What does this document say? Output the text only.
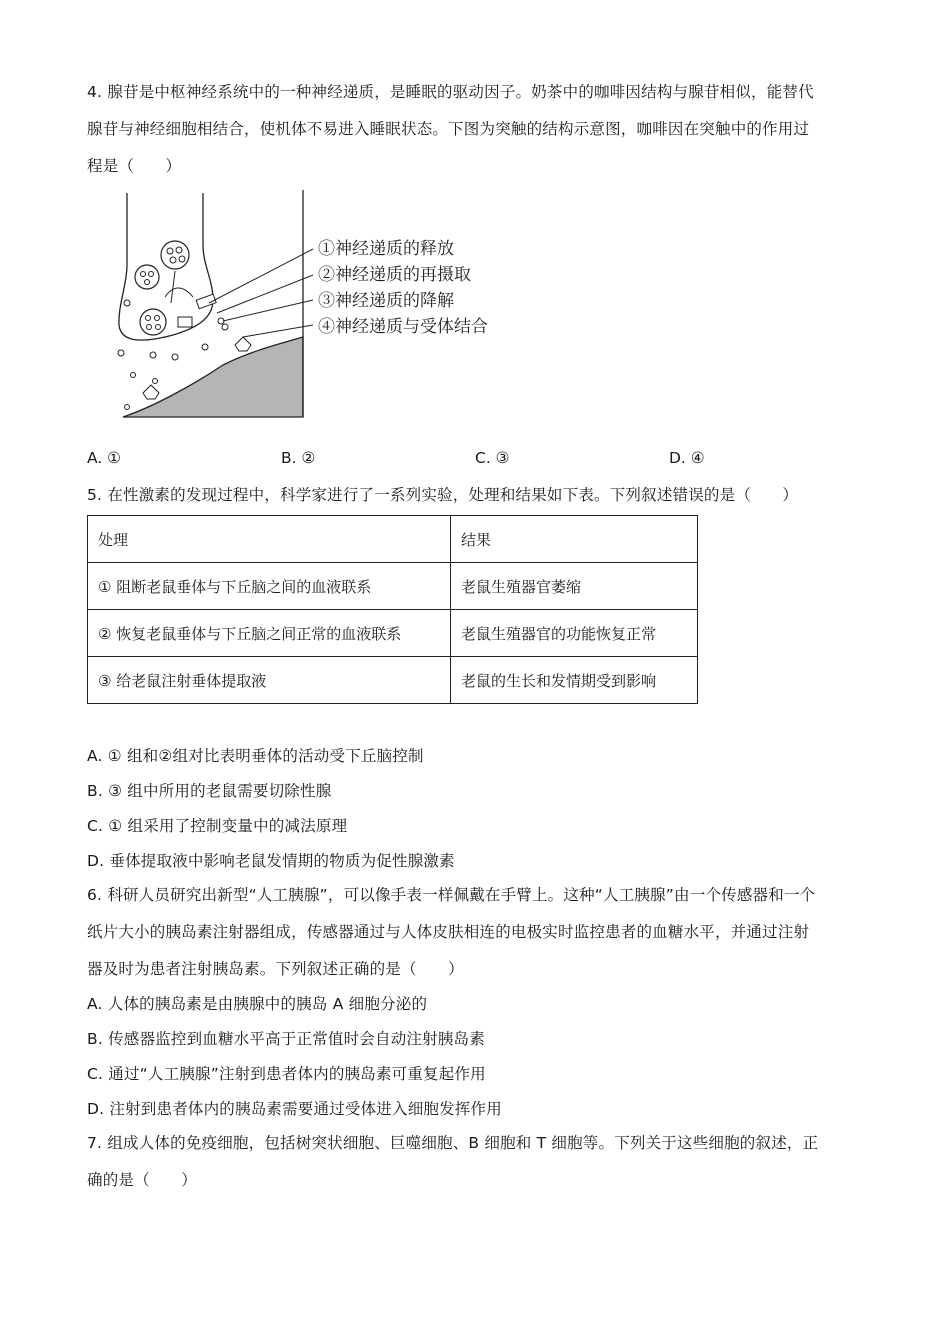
4. 腺苷是中枢神经系统中的一种神经递质，是睡眠的驱动因子。奶茶中的咖啡因结构与腺苷相似，能替代
腺苷与神经细胞相结合，使机体不易进入睡眠状态。下图为突触的结构示意图，咖啡因在突触中的作用过
程是（　　）
①神经递质的释放
②神经递质的再摄取
③神经递质的降解
④神经递质与受体结合
A. ①	B. ②	C. ③	D. ④
5. 在性激素的发现过程中，科学家进行了一系列实验，处理和结果如下表。下列叙述错误的是（　　）
处理	结果
① 阻断老鼠垂体与下丘脑之间的血液联系	老鼠生殖器官萎缩
② 恢复老鼠垂体与下丘脑之间正常的血液联系	老鼠生殖器官的功能恢复正常
③ 给老鼠注射垂体提取液	老鼠的生长和发情期受到影响
A. ① 组和②组对比表明垂体的活动受下丘脑控制
B. ③ 组中所用的老鼠需要切除性腺
C. ① 组采用了控制变量中的减法原理
D. 垂体提取液中影响老鼠发情期的物质为促性腺激素
6. 科研人员研究出新型“人工胰腺”，可以像手表一样佩戴在手臂上。这种“人工胰腺”由一个传感器和一个
纸片大小的胰岛素注射器组成，传感器通过与人体皮肤相连的电极实时监控患者的血糖水平，并通过注射
器及时为患者注射胰岛素。下列叙述正确的是（　　）
A. 人体的胰岛素是由胰腺中的胰岛 A 细胞分泌的
B. 传感器监控到血糖水平高于正常值时会自动注射胰岛素
C. 通过“人工胰腺”注射到患者体内的胰岛素可重复起作用
D. 注射到患者体内的胰岛素需要通过受体进入细胞发挥作用
7. 组成人体的免疫细胞，包括树突状细胞、巨噬细胞、B 细胞和 T 细胞等。下列关于这些细胞的叙述，正
确的是（　　）
